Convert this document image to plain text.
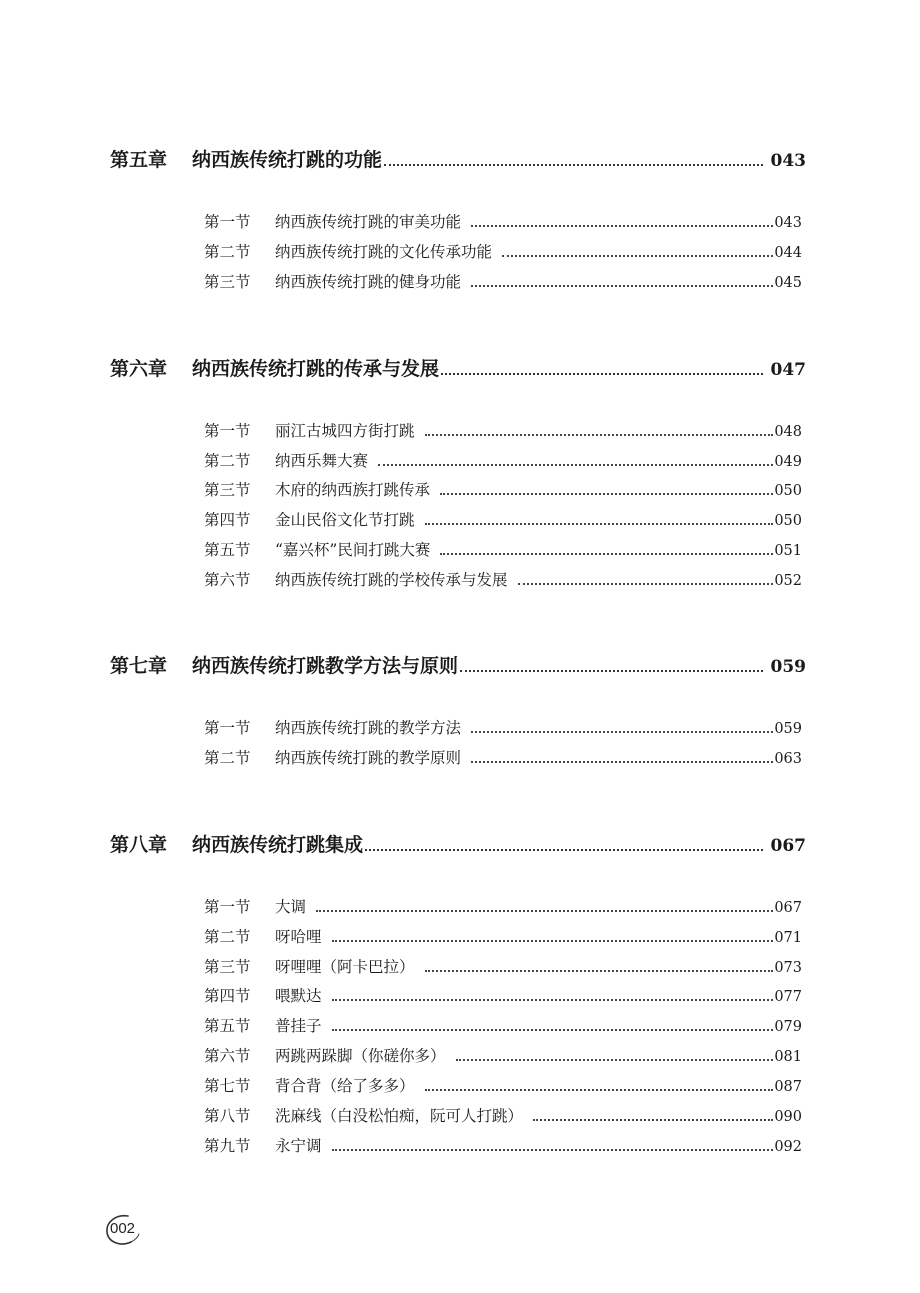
第五章	纳西族传统打跳的功能	043
第一节	纳西族传统打跳的审美功能	043
第二节	纳西族传统打跳的文化传承功能	044
第三节	纳西族传统打跳的健身功能	045
第六章	纳西族传统打跳的传承与发展	047
第一节	丽江古城四方街打跳	048
第二节	纳西乐舞大赛	049
第三节	木府的纳西族打跳传承	050
第四节	金山民俗文化节打跳	050
第五节	“嘉兴杯”民间打跳大赛	051
第六节	纳西族传统打跳的学校传承与发展	052
第七章	纳西族传统打跳教学方法与原则	059
第一节	纳西族传统打跳的教学方法	059
第二节	纳西族传统打跳的教学原则	063
第八章	纳西族传统打跳集成	067
第一节	大调	067
第二节	呀哈哩	071
第三节	呀哩哩（阿卡巴拉）	073
第四节	喂默达	077
第五节	普挂子	079
第六节	两跳两跺脚（你磋你多）	081
第七节	背合背（给了多多）	087
第八节	洗麻线（白没松怕痴，阮可人打跳）	090
第九节	永宁调	092
002
